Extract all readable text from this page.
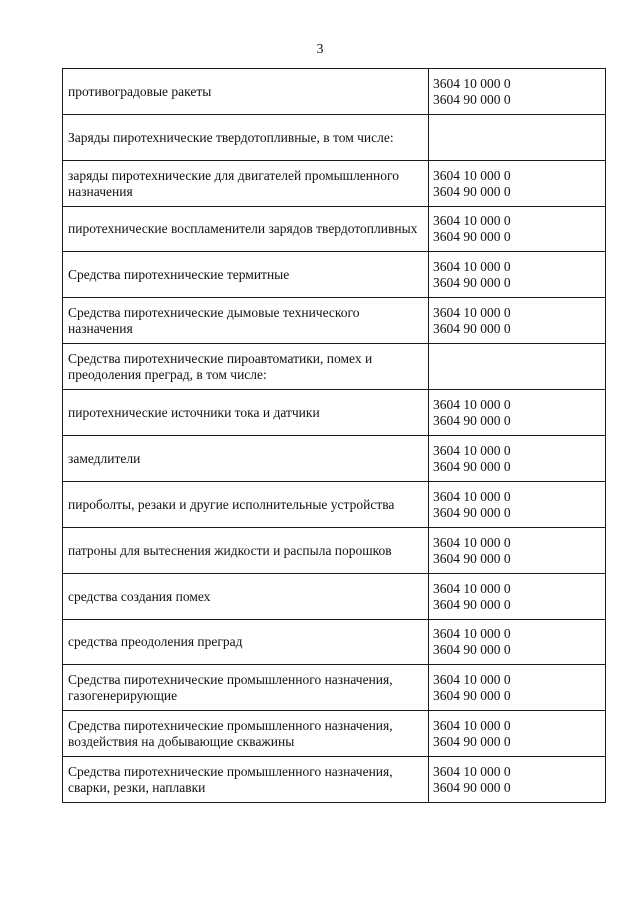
3
противоградовые ракеты	3604 10 000 0
3604 90 000 0

Заряды пиротехнические твердотопливные, в том числе:	
заряды пиротехнические для двигателей промышленного назначения	3604 10 000 0
3604 90 000 0

пиротехнические воспламенители зарядов твердотопливных	3604 10 000 0
3604 90 000 0

Средства пиротехнические термитные	3604 10 000 0
3604 90 000 0

Средства пиротехнические дымовые технического назначения	3604 10 000 0
3604 90 000 0

Средства пиротехнические пироавтоматики, помех и преодоления преград, в том числе:	
пиротехнические источники тока и датчики	3604 10 000 0
3604 90 000 0

замедлители	3604 10 000 0
3604 90 000 0

пироболты, резаки и другие исполнительные устройства	3604 10 000 0
3604 90 000 0

патроны для вытеснения жидкости и распыла порошков	3604 10 000 0
3604 90 000 0

средства создания помех	3604 10 000 0
3604 90 000 0

средства преодоления преград	3604 10 000 0
3604 90 000 0

Средства пиротехнические промышленного назначения, газогенерирующие	3604 10 000 0
3604 90 000 0

Средства пиротехнические промышленного назначения, воздействия на добывающие скважины	3604 10 000 0
3604 90 000 0

Средства пиротехнические промышленного назначения, сварки, резки, наплавки	3604 10 000 0
3604 90 000 0
